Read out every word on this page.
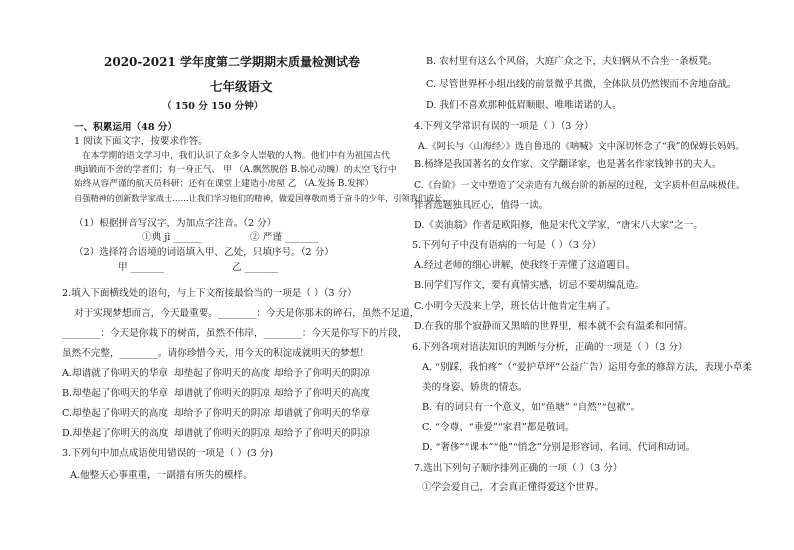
2020-2021 学年度第二学期期末质量检测试卷
七年级语文
（ 150 分 150 分钟）
一、积累运用（48 分）
1 阅读下面文字，按要求作答。
在本学期的语文学习中，我们认识了众多令人崇敬的人物。他们中有为祖国古代
典jì锻而不舍的学者们；有一身正气、 甲 （A.飘然脱俗 B.惊心动魄）的太空飞行中
始终从容严谨的航天员科研；还有在课堂上建造小房屋 乙 （A.发扬 B.发挥）
自强精神的创新数学家战士……让我们学习他们的精神，做爱国尊敬而勇于奋斗的少年，引领我们成长。
（1）根据拼音写汉字，为加点字注音。（2 分）
①典 jì ______	② 严谨 _______
（2）选择符合语境的词语填入甲、乙处，只填序号。（2 分）
甲 _______	乙 _______
2.填入下面横线处的语句，与上下文衔接最恰当的一项是（ ）（3 分）
对于实现梦想而言，今天最重要。________：今天是你那未的碎石，虽然不足道，
________：今天是你栽下的树苗，虽然不伟岸，________：今天是你写下的片段，
虽然不完整，________。请你珍惜今天，用今天的积淀成就明天的梦想！
A.却谱就了你明天的华章 却垫起了你明天的高度 却给予了你明天的阴凉
B.却垫起了你明天的华章 却谱就了你明天的阴凉 却给予了你明天的高度
C.却垫起了你明天的高度 却给予了你明天的阴凉 却谱就了你明天的华章
D.却垫起了你明天的高度 却谱就了你明天的阴凉 却给予了你明天的阴凉
3.下列句中加点成语使用错误的一项是（ ）(3 分)
A.他整天心事重重，一副措有所失的模样。
B. 农村里有这么个风俗，大庭广众之下，夫妇俩从不合坐一条板凳。
C. 尽管世界杯小组出线的前景微乎其微，全体队员仍然锲而不舍地奋战。
D. 我们不喜欢那种低眉顺眼、唯唯诺诺的人。
4.下列文学常识有误的一项是（ ）（3 分）
A.《阿长与〈山海经〉》选自鲁迅的《呐喊》文中深切怀念了“我”的保姆长妈妈。
B.杨绛是我国著名的女作家、文学翻译家，也是著名作家钱钟书的夫人。
C.《台阶》一文中塑造了父亲造有九级台阶的新屋的过程，文字质朴但品味极佳。
作者选题独具匠心，值得一读。
D.《卖油翁》作者是欧阳修，他是宋代文学家，“唐宋八大家”之一。
5.下列句子中没有语病的一句是（ ）（3 分）
A.经过老师的细心讲解，使我终于弄懂了这道题目。
B.同学们写作文，要有真情实感，切忌不要胡编乱造。
C.小明今天没来上学，班长估计他肯定生病了。
D.在我的那个寂静而又黑暗的世界里，根本就不会有温柔和同情。
6.下列各项对语法知识的判断与分析，正确的一项是（ ）（3 分）
A. “别踩，我怕疼”（“爱护草坪”公益广告）运用夸张的修辞方法，表现小草柔
美的身姿、娇贵的情态。
B. 有的词只有一个意义，如“鱼塘” “自然”“包袱”。
C. “令尊、“垂爱”“家君”都是敬词。
D. “奢侈”“课本”“他”“悄念”分别是形容词、名词、代词和动词。
7.选出下列句子顺序排列正确的一项（ ）（3 分）
①学会爱自己，才会真正懂得爱这个世界。
